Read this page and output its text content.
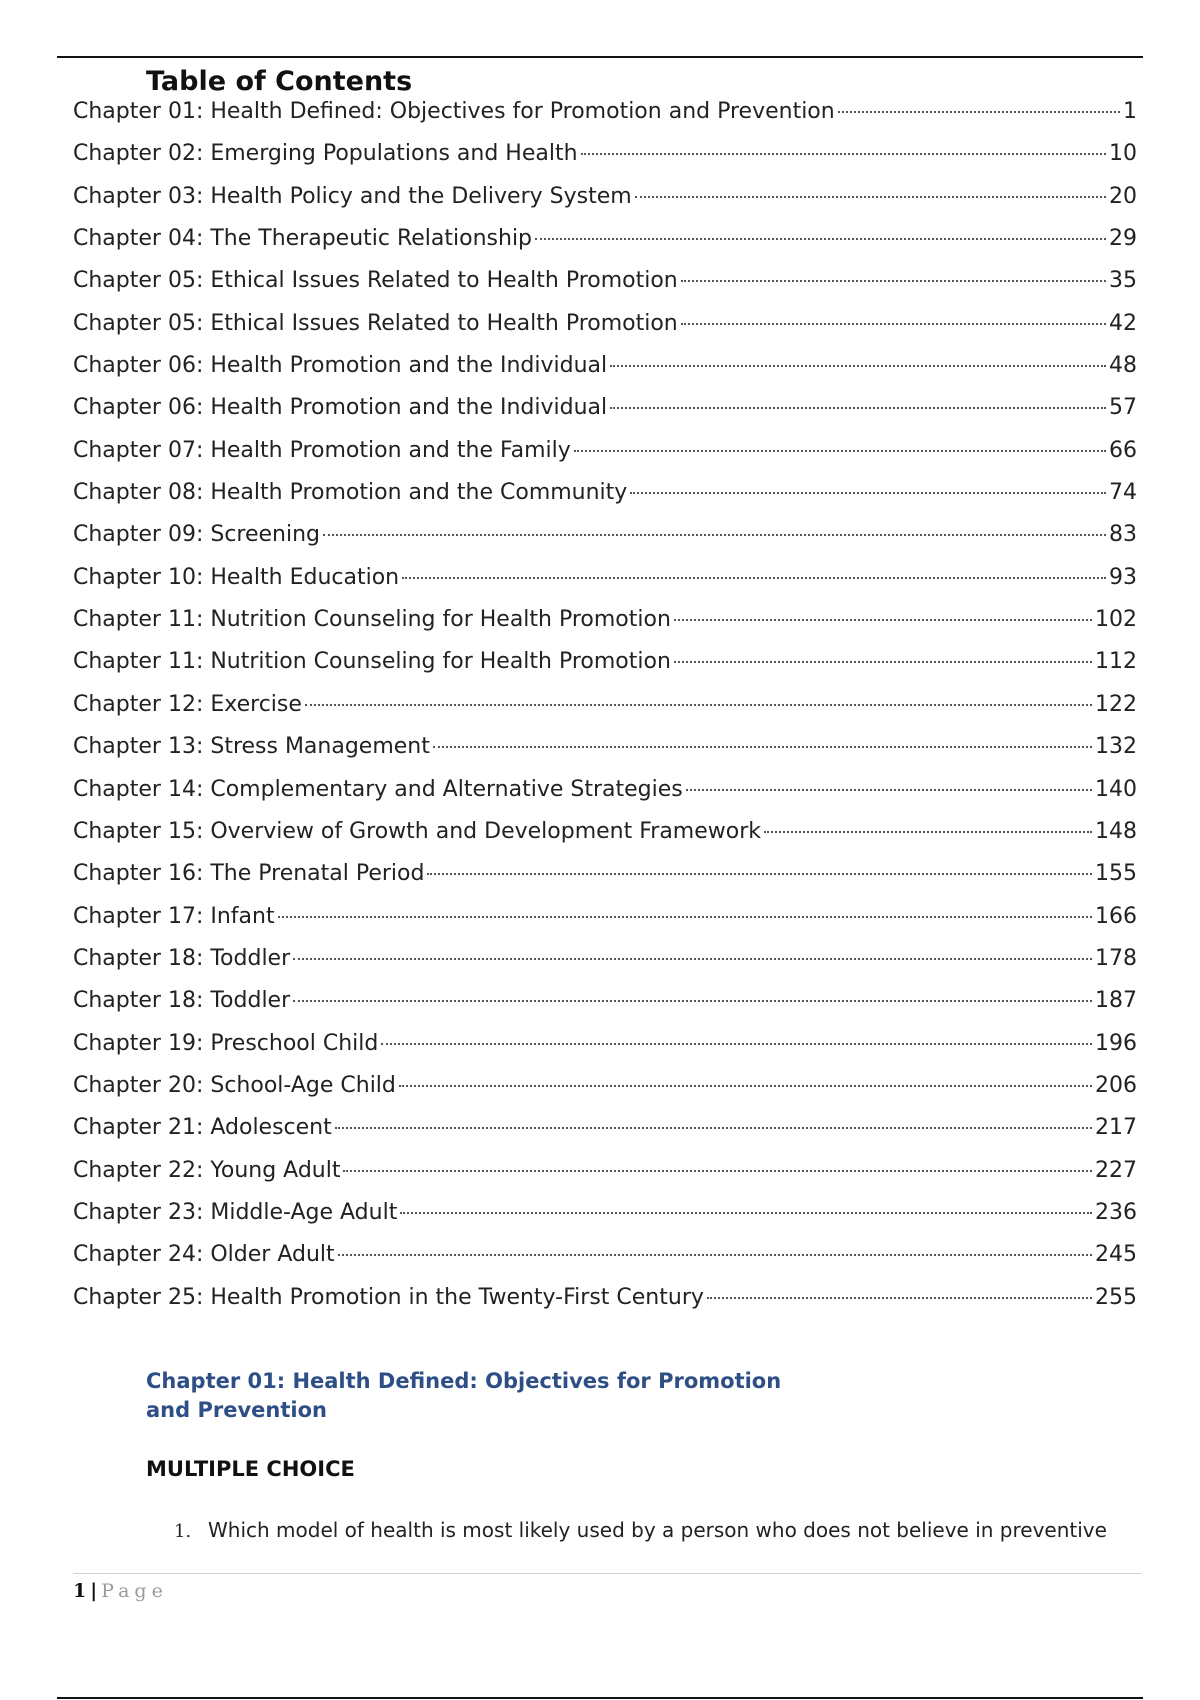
Table of Contents
Chapter 01: Health Defined: Objectives for Promotion and Prevention	1
Chapter 02: Emerging Populations and Health	10
Chapter 03: Health Policy and the Delivery System	20
Chapter 04: The Therapeutic Relationship	29
Chapter 05: Ethical Issues Related to Health Promotion	35
Chapter 05: Ethical Issues Related to Health Promotion	42
Chapter 06: Health Promotion and the Individual	48
Chapter 06: Health Promotion and the Individual	57
Chapter 07: Health Promotion and the Family	66
Chapter 08: Health Promotion and the Community	74
Chapter 09: Screening	83
Chapter 10: Health Education	93
Chapter 11: Nutrition Counseling for Health Promotion	102
Chapter 11: Nutrition Counseling for Health Promotion	112
Chapter 12: Exercise	122
Chapter 13: Stress Management	132
Chapter 14: Complementary and Alternative Strategies	140
Chapter 15: Overview of Growth and Development Framework	148
Chapter 16: The Prenatal Period	155
Chapter 17: Infant	166
Chapter 18: Toddler	178
Chapter 18: Toddler	187
Chapter 19: Preschool Child	196
Chapter 20: School-Age Child	206
Chapter 21: Adolescent	217
Chapter 22: Young Adult	227
Chapter 23: Middle-Age Adult	236
Chapter 24: Older Adult	245
Chapter 25: Health Promotion in the Twenty-First Century	255
Chapter 01: Health Defined: Objectives for Promotion and Prevention
MULTIPLE CHOICE
1. Which model of health is most likely used by a person who does not believe in preventive
1 | Page
